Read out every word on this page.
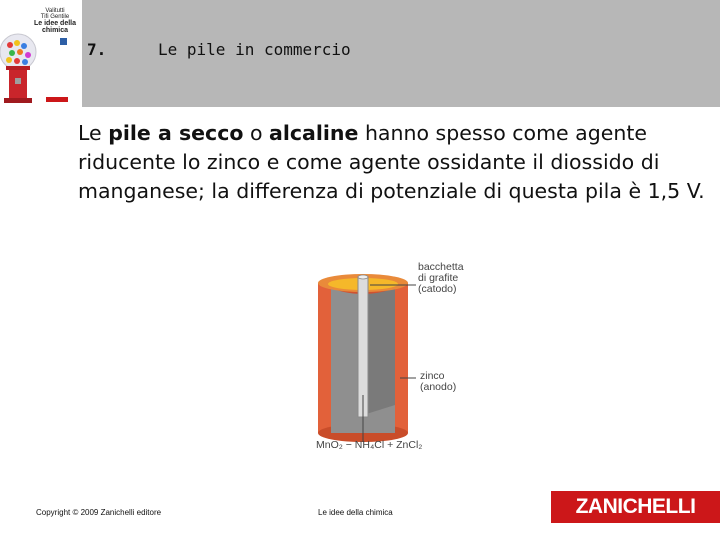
Valitutti
Tifi Gentile
Le idee della
chimica
7.	Le pile in commercio
Le pile a secco o alcaline hanno spesso come agente riducente lo zinco e come agente ossidante il diossido di manganese; la differenza di potenziale di questa pila è 1,5 V.
bacchetta
di grafite
(catodo)
zinco
(anodo)
MnO₂ − NH₄Cl + ZnCl₂
Copyright © 2009 Zanichelli editore	Le idee della chimica	ZANICHELLI
